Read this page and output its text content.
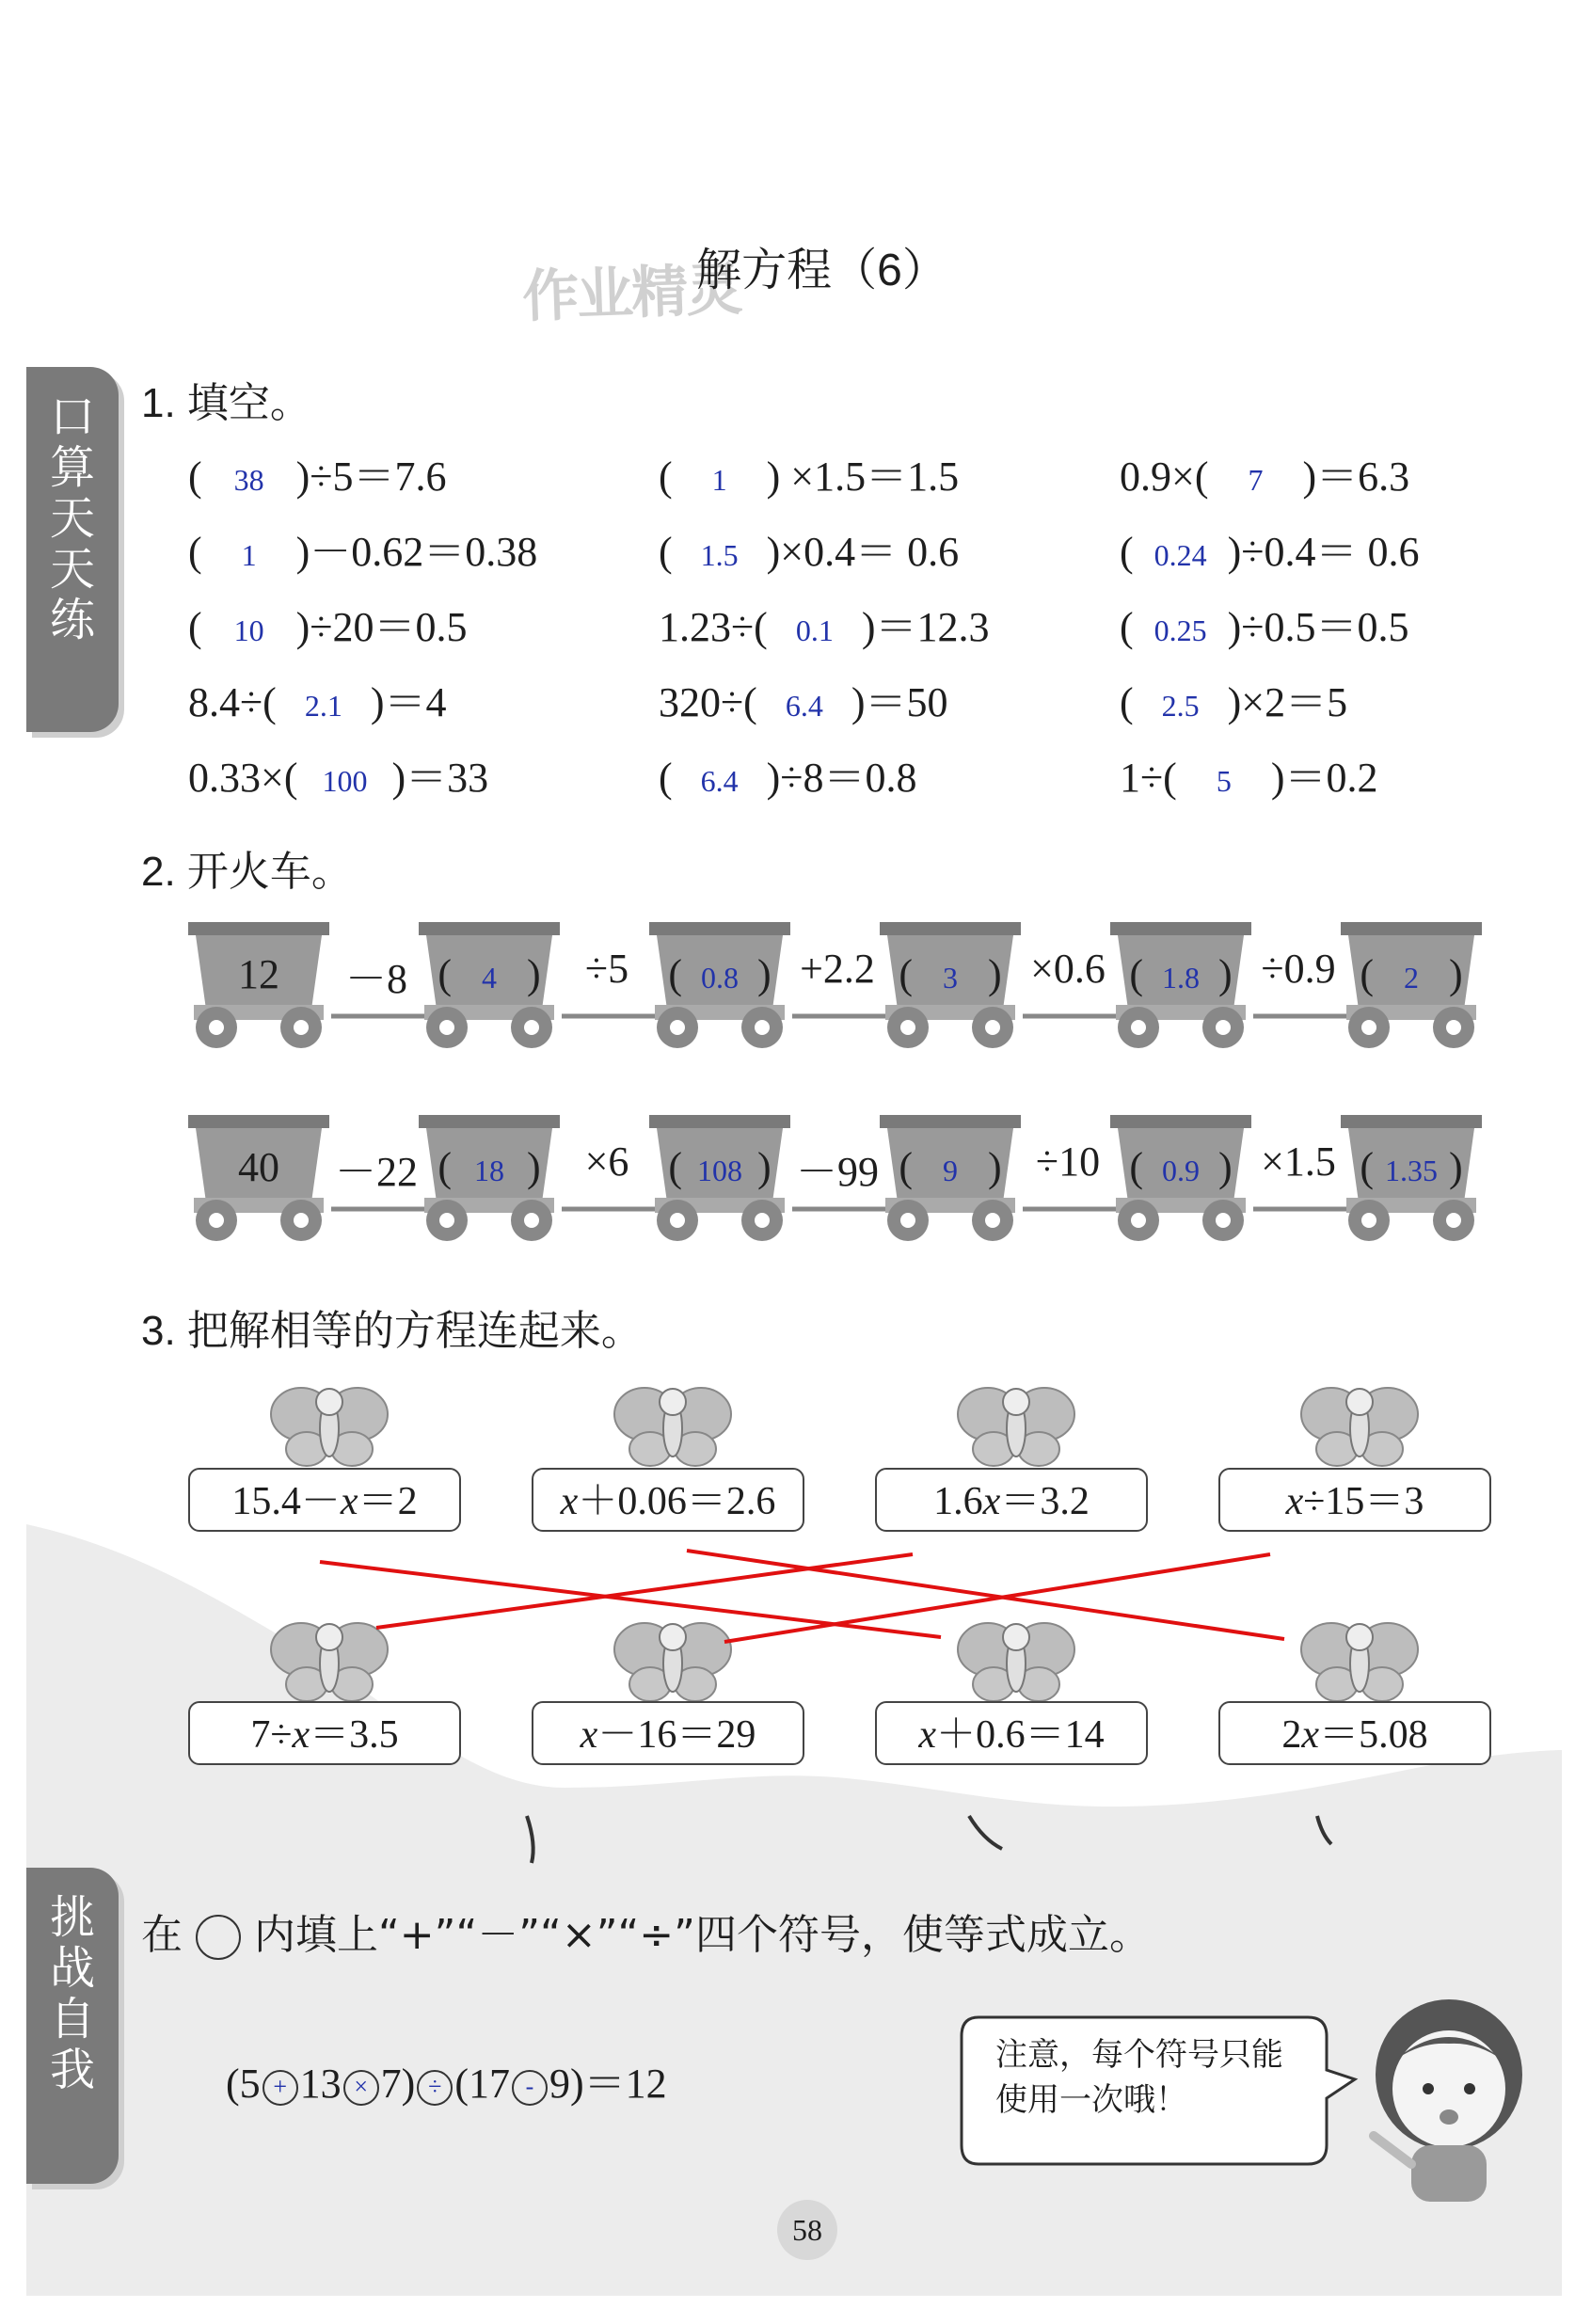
作业精灵
解方程（6）
口
算
天
天
练
挑
战
自
我
1. 填空。
( 38 )÷5＝7.6	( 1 ) ×1.5＝1.5	0.9×( 7 )＝6.3
( 1 )－0.62＝0.38	( 1.5 )×0.4＝ 0.6	( 0.24 )÷0.4＝ 0.6
( 10 )÷20＝0.5	1.23÷( 0.1 )＝12.3	( 0.25 )÷0.5＝0.5
8.4÷( 2.1 )＝4	320÷( 6.4 )＝50	( 2.5 )×2＝5
0.33×( 100 )＝33	( 6.4 )÷8＝0.8	1÷( 5 )＝0.2
2. 开火车。
12	－8 ( 4 )	÷5 ( 0.8 ) +2.2 ( 3 ) ×0.6 ( 1.8 ) ÷0.9 ( 2 )
40	－22 ( 18 )	×6 ( 108 ) －99 ( 9 ) ÷10 ( 0.9 ) ×1.5 ( 1.35 )
3. 把解相等的方程连起来。
15.4－x＝2	x＋0.06＝2.6	1.6x＝3.2	x÷15＝3
7÷x＝3.5	x－16＝29	x＋0.6＝14	2x＝5.08
在 内填上“+”“－”“×”“÷”四个符号，使等式成立。
(5 + 13 × 7) ÷ (17 - 9)＝12
注意，每个符号只能使用一次哦！
58
